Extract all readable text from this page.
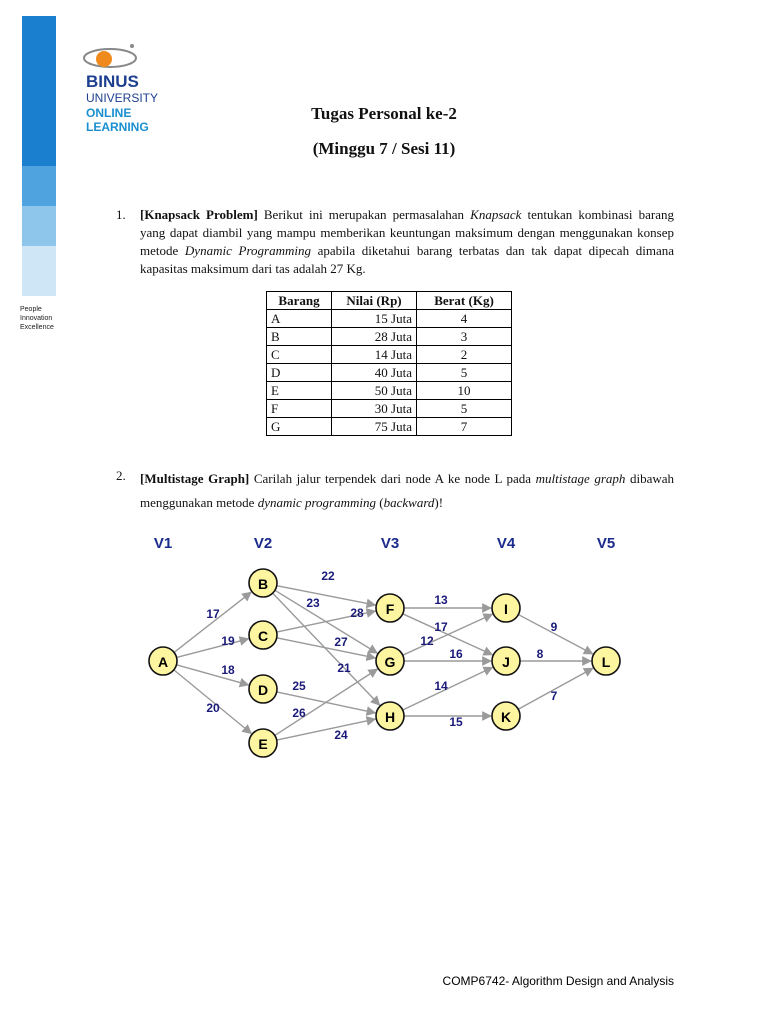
BINUS
UNIVERSITY
ONLINE
LEARNING
People
Innovation
Excellence
Tugas Personal ke-2
(Minggu 7 / Sesi 11)
1. [Knapsack Problem] Berikut ini merupakan permasalahan Knapsack tentukan kombinasi barang yang dapat diambil yang mampu memberikan keuntungan maksimum dengan menggunakan konsep metode Dynamic Programming apabila diketahui barang terbatas dan tak dapat dipecah dimana kapasitas maksimum dari tas adalah 27 Kg.
Barang	Nilai (Rp)	Berat (Kg)
A	15 Juta	4
B	28 Juta	3
C	14 Juta	2
D	40 Juta	5
E	50 Juta	10
F	30 Juta	5
G	75 Juta	7
2. [Multistage Graph] Carilah jalur terpendek dari node A ke node L pada multistage graph dibawah menggunakan metode dynamic programming (backward)!
V1	V2	V3	V4	V5
17
19
18
20
22
23
21
28
27
25
26
24
13
17
12
16
14
15
9
8
7
A
B
C
D
E
F
G
H
I
J
K
L
COMP6742- Algorithm Design and Analysis
